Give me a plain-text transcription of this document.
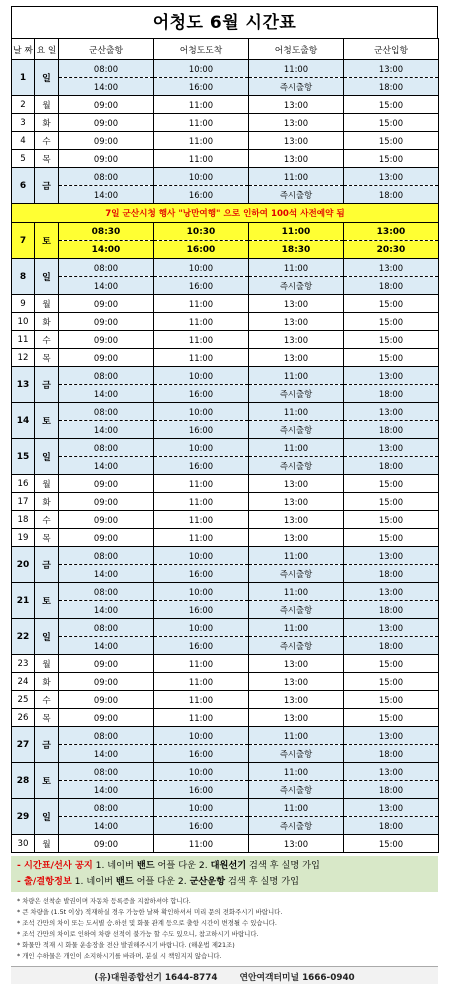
어청도 6월 시간표
날 짜	요 일	군산출항	어청도도착	어청도출항	군산입항
1	일	08:00	10:00	11:00	13:00
		14:00	16:00	즉시출항	18:00
2	월	09:00	11:00	13:00	15:00
3	화	09:00	11:00	13:00	15:00
4	수	09:00	11:00	13:00	15:00
5	목	09:00	11:00	13:00	15:00
6	금	08:00	10:00	11:00	13:00
		14:00	16:00	즉시출항	18:00
7일 군산시청 행사 "낭만여행" 으로 인하여 100석 사전예약 됨					
7	토	08:30	10:30	11:00	13:00
		14:00	16:00	18:30	20:30
8	일	08:00	10:00	11:00	13:00
		14:00	16:00	즉시출항	18:00
9	월	09:00	11:00	13:00	15:00
10	화	09:00	11:00	13:00	15:00
11	수	09:00	11:00	13:00	15:00
12	목	09:00	11:00	13:00	15:00
13	금	08:00	10:00	11:00	13:00
		14:00	16:00	즉시출항	18:00
14	토	08:00	10:00	11:00	13:00
		14:00	16:00	즉시출항	18:00
15	일	08:00	10:00	11:00	13:00
		14:00	16:00	즉시출항	18:00
16	월	09:00	11:00	13:00	15:00
17	화	09:00	11:00	13:00	15:00
18	수	09:00	11:00	13:00	15:00
19	목	09:00	11:00	13:00	15:00
20	금	08:00	10:00	11:00	13:00
		14:00	16:00	즉시출항	18:00
21	토	08:00	10:00	11:00	13:00
		14:00	16:00	즉시출항	18:00
22	일	08:00	10:00	11:00	13:00
		14:00	16:00	즉시출항	18:00
23	월	09:00	11:00	13:00	15:00
24	화	09:00	11:00	13:00	15:00
25	수	09:00	11:00	13:00	15:00
26	목	09:00	11:00	13:00	15:00
27	금	08:00	10:00	11:00	13:00
		14:00	16:00	즉시출항	18:00
28	토	08:00	10:00	11:00	13:00
		14:00	16:00	즉시출항	18:00
29	일	08:00	10:00	11:00	13:00
		14:00	16:00	즉시출항	18:00
30	월	09:00	11:00	13:00	15:00
- 시간표/선사 공지 1. 네이버 밴드 어플 다운 2. 대원선기 검색 후 실명 가입
- 출/결항정보 1. 네이버 밴드 어플 다운 2. 군산운항 검색 후 실명 가입
* 차량은 선착순 발권이며 자동차 등록증을 지참하셔야 합니다.
* 큰 차량을 (1.5t 이상) 적재하실 경우 가능한 날짜 확인하셔서 미리 문의 전화주시기 바랍니다.
* 조석 간만의 차이 또는 도서별 승.하선 및 화물 관계 등으로 출항 시간이 변경될 수 있습니다.
* 조석 간만의 차이로 인하여 차량 선적이 불가능 할 수도 있으니, 참고하시기 바랍니다.
* 화물만 적재 시 화물 운송장을 전산 발권해주시기 바랍니다. (해운법 제21조)
* 개인 수하물은 개인이 소지하시기를 바라며, 분실 시 책임지지 않습니다.
(유)대원종합선기 1644-8774	연안여객터미널 1666-0940
